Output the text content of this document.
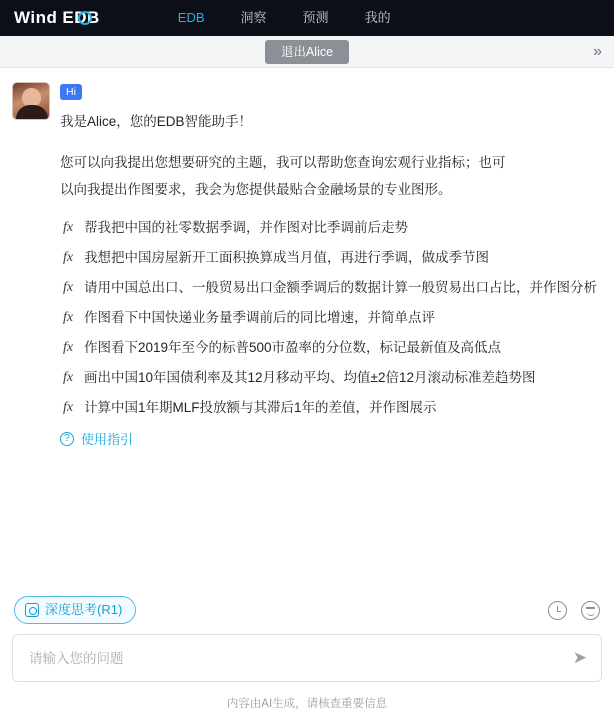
Wind EDB	EDB	洞察	预测	我的
退出Alice	»
Hi
我是Alice，您的EDB智能助手！
您可以向我提出您想要研究的主题，我可以帮助您查询宏观行业指标；也可
以向我提出作图要求，我会为您提供最贴合金融场景的专业图形。
fx 帮我把中国的社零数据季调，并作图对比季调前后走势
fx 我想把中国房屋新开工面积换算成当月值，再进行季调，做成季节图
fx 请用中国总出口、一般贸易出口金额季调后的数据计算一般贸易出口占比，并作图分析
fx 作图看下中国快递业务量季调前后的同比增速，并简单点评
fx 作图看下2019年至今的标普500市盈率的分位数，标记最新值及高低点
fx 画出中国10年国债利率及其12月移动平均、均值±2倍12月滚动标准差趋势图
fx 计算中国1年期MLF投放额与其滞后1年的差值，并作图展示
? 使用指引
深度思考(R1)
请输入您的问题
➤
内容由AI生成，请核查重要信息
